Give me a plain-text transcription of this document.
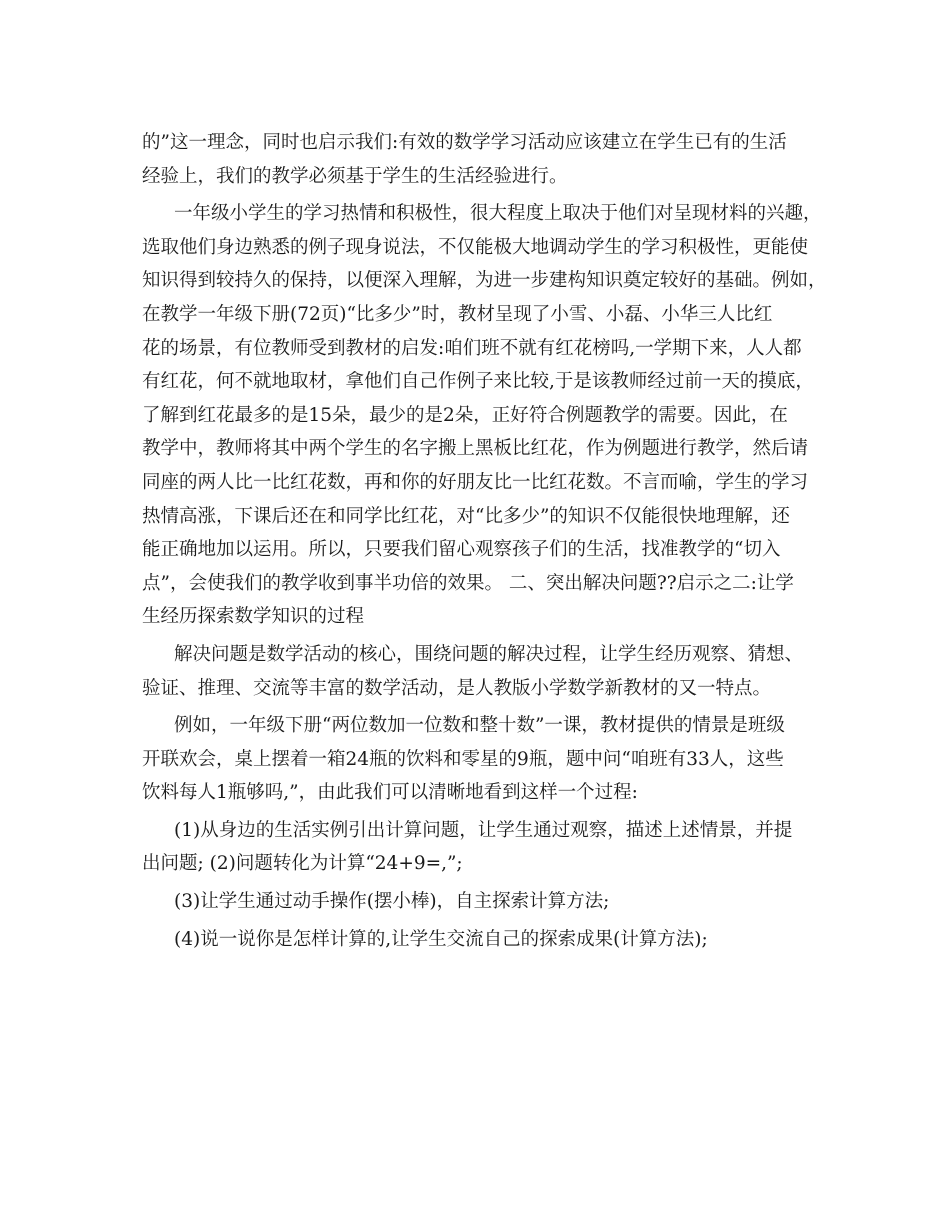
的”这一理念，同时也启示我们:有效的数学学习活动应该建立在学生已有的生活
经验上，我们的教学必须基于学生的生活经验进行。
一年级小学生的学习热情和积极性，很大程度上取决于他们对呈现材料的兴趣，
选取他们身边熟悉的例子现身说法，不仅能极大地调动学生的学习积极性，更能使
知识得到较持久的保持，以便深入理解，为进一步建构知识奠定较好的基础。例如，
在教学一年级下册(72页)“比多少”时，教材呈现了小雪、小磊、小华三人比红
花的场景，有位教师受到教材的启发:咱们班不就有红花榜吗,一学期下来，人人都
有红花，何不就地取材，拿他们自己作例子来比较,于是该教师经过前一天的摸底，
了解到红花最多的是15朵，最少的是2朵，正好符合例题教学的需要。因此，在
教学中，教师将其中两个学生的名字搬上黑板比红花，作为例题进行教学，然后请
同座的两人比一比红花数，再和你的好朋友比一比红花数。不言而喻，学生的学习
热情高涨，下课后还在和同学比红花，对“比多少”的知识不仅能很快地理解，还
能正确地加以运用。所以，只要我们留心观察孩子们的生活，找准教学的“切入
点”，会使我们的教学收到事半功倍的效果。 二、突出解决问题??启示之二:让学
生经历探索数学知识的过程
解决问题是数学活动的核心，围绕问题的解决过程，让学生经历观察、猜想、
验证、推理、交流等丰富的数学活动，是人教版小学数学新教材的又一特点。
例如，一年级下册“两位数加一位数和整十数”一课，教材提供的情景是班级
开联欢会，桌上摆着一箱24瓶的饮料和零星的9瓶，题中问“咱班有33人，这些
饮料每人1瓶够吗,”，由此我们可以清晰地看到这样一个过程:
(1)从身边的生活实例引出计算问题，让学生通过观察，描述上述情景，并提
出问题; (2)问题转化为计算“24+9=,”;
(3)让学生通过动手操作(摆小棒)，自主探索计算方法;
(4)说一说你是怎样计算的,让学生交流自己的探索成果(计算方法);
